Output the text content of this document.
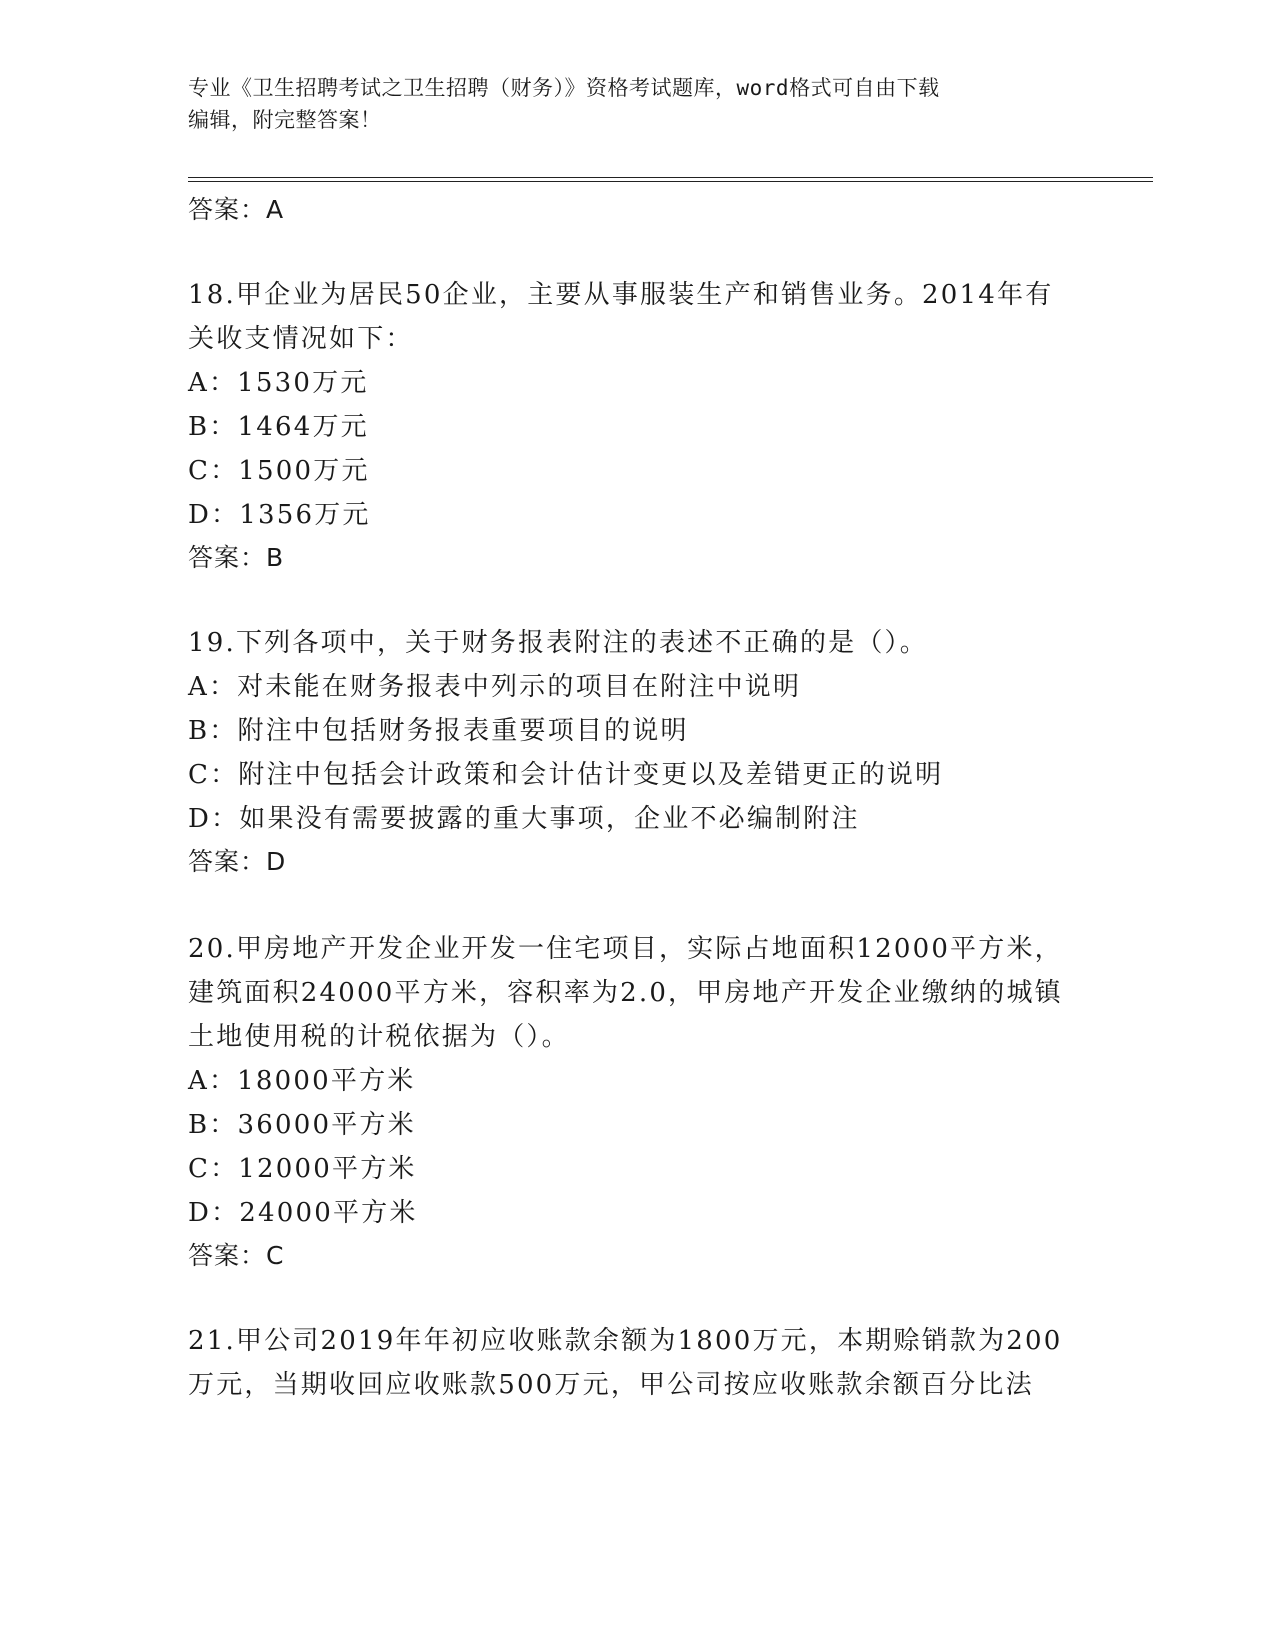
专业《卫生招聘考试之卫生招聘（财务）》资格考试题库，word格式可自由下载
编辑，附完整答案！
答案：A
18.甲企业为居民50企业，主要从事服装生产和销售业务。2014年有
关收支情况如下：
A：1530万元
B：1464万元
C：1500万元
D：1356万元
答案：B
19.下列各项中，关于财务报表附注的表述不正确的是（）。
A：对未能在财务报表中列示的项目在附注中说明
B：附注中包括财务报表重要项目的说明
C：附注中包括会计政策和会计估计变更以及差错更正的说明
D：如果没有需要披露的重大事项，企业不必编制附注
答案：D
20.甲房地产开发企业开发一住宅项目，实际占地面积12000平方米，
建筑面积24000平方米，容积率为2.0，甲房地产开发企业缴纳的城镇
土地使用税的计税依据为（）。
A：18000平方米
B：36000平方米
C：12000平方米
D：24000平方米
答案：C
21.甲公司2019年年初应收账款余额为1800万元，本期赊销款为200
万元，当期收回应收账款500万元，甲公司按应收账款余额百分比法
